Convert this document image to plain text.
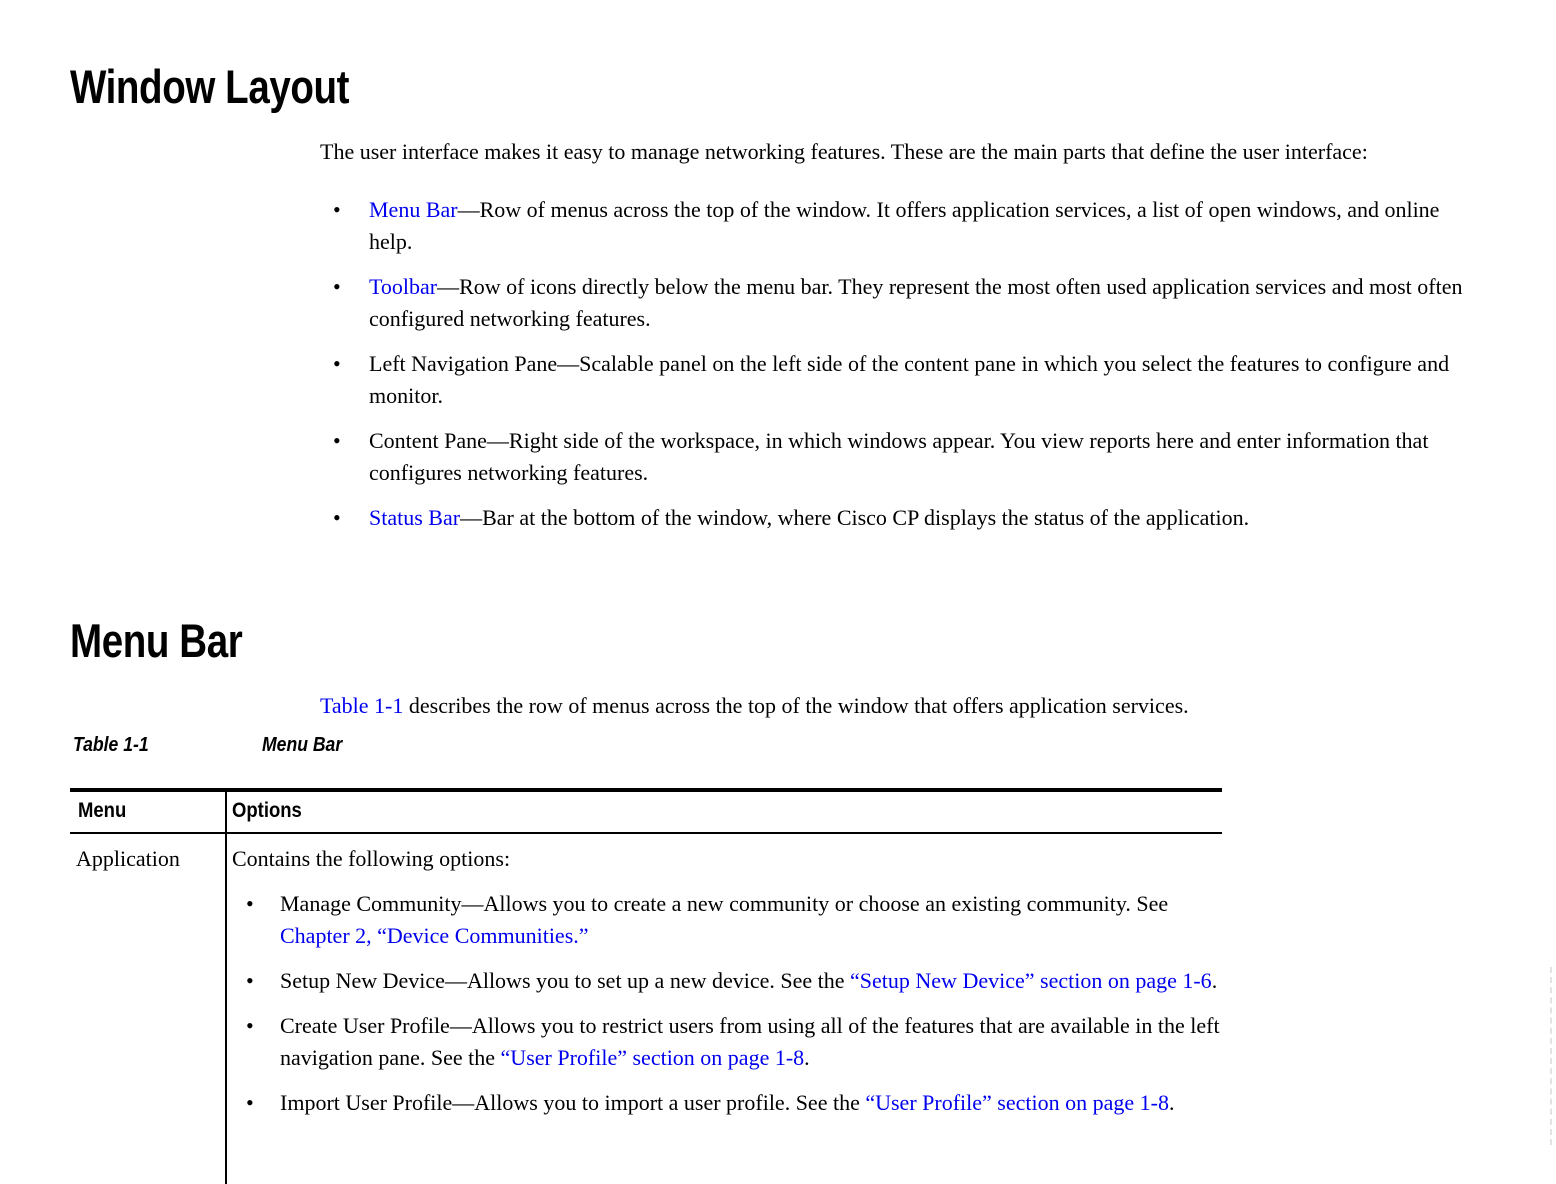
Window Layout

The user interface makes it easy to manage networking features. These are the main parts that define the user interface:

• Menu Bar—Row of menus across the top of the window. It offers application services, a list of open windows, and online help.
• Toolbar—Row of icons directly below the menu bar. They represent the most often used application services and most often configured networking features.
• Left Navigation Pane—Scalable panel on the left side of the content pane in which you select the features to configure and monitor.
• Content Pane—Right side of the workspace, in which windows appear. You view reports here and enter information that configures networking features.
• Status Bar—Bar at the bottom of the window, where Cisco CP displays the status of the application.
Menu Bar

Table 1-1 describes the row of menus across the top of the window that offers application services.

Table 1-1	Menu Bar
Menu	Options
Application	Contains the following options:
• Manage Community—Allows you to create a new community or choose an existing community. See Chapter 2, “Device Communities.”
• Setup New Device—Allows you to set up a new device. See the “Setup New Device” section on page 1-6.
• Create User Profile—Allows you to restrict users from using all of the features that are available in the left navigation pane. See the “User Profile” section on page 1-8.
• Import User Profile—Allows you to import a user profile. See the “User Profile” section on page 1-8.
